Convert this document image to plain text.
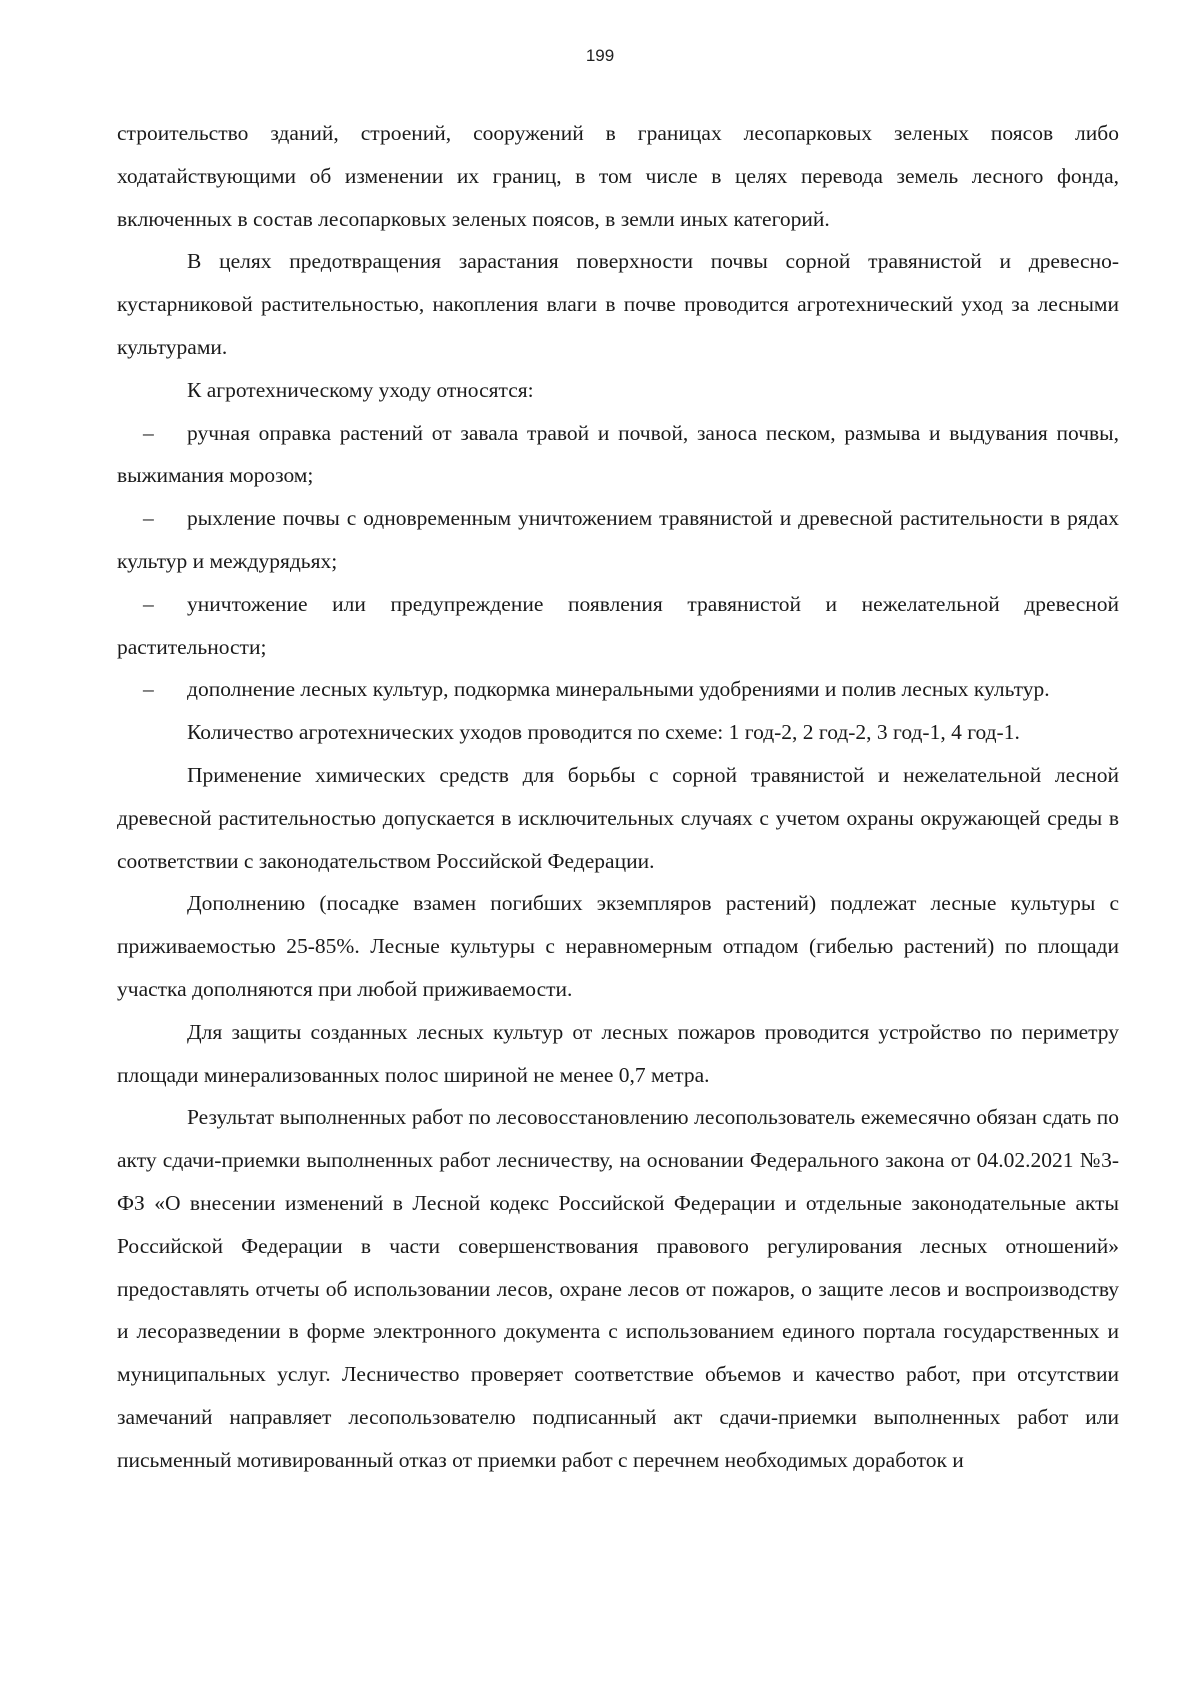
199

строительство зданий, строений, сооружений в границах лесопарковых зеленых поясов либо ходатайствующими об изменении их границ, в том числе в целях перевода земель лесного фонда, включенных в состав лесопарковых зеленых поясов, в земли иных категорий.

В целях предотвращения зарастания поверхности почвы сорной травянистой и древесно-кустарниковой растительностью, накопления влаги в почве проводится агротехнический уход за лесными культурами.

К агротехническому уходу относятся:

– ручная оправка растений от завала травой и почвой, заноса песком, размыва и выдувания почвы, выжимания морозом;

– рыхление почвы с одновременным уничтожением травянистой и древесной растительности в рядах культур и междурядьях;

– уничтожение или предупреждение появления травянистой и нежелательной древесной растительности;

– дополнение лесных культур, подкормка минеральными удобрениями и полив лесных культур.

Количество агротехнических уходов проводится по схеме: 1 год-2, 2 год-2, 3 год-1, 4 год-1.

Применение химических средств для борьбы с сорной травянистой и нежелательной лесной древесной растительностью допускается в исключительных случаях с учетом охраны окружающей среды в соответствии с законодательством Российской Федерации.

Дополнению (посадке взамен погибших экземпляров растений) подлежат лесные культуры с приживаемостью 25-85%. Лесные культуры с неравномерным отпадом (гибелью растений) по площади участка дополняются при любой приживаемости.

Для защиты созданных лесных культур от лесных пожаров проводится устройство по периметру площади минерализованных полос шириной не менее 0,7 метра.

Результат выполненных работ по лесовосстановлению лесопользователь ежемесячно обязан сдать по акту сдачи-приемки выполненных работ лесничеству, на основании Федерального закона от 04.02.2021 №3-ФЗ «О внесении изменений в Лесной кодекс Российской Федерации и отдельные законодательные акты Российской Федерации в части совершенствования правового регулирования лесных отношений» предоставлять отчеты об использовании лесов, охране лесов от пожаров, о защите лесов и воспроизводству и лесоразведении в форме электронного документа с использованием единого портала государственных и муниципальных услуг. Лесничество проверяет соответствие объемов и качество работ, при отсутствии замечаний направляет лесопользователю подписанный акт сдачи-приемки выполненных работ или письменный мотивированный отказ от приемки работ с перечнем необходимых доработок и
